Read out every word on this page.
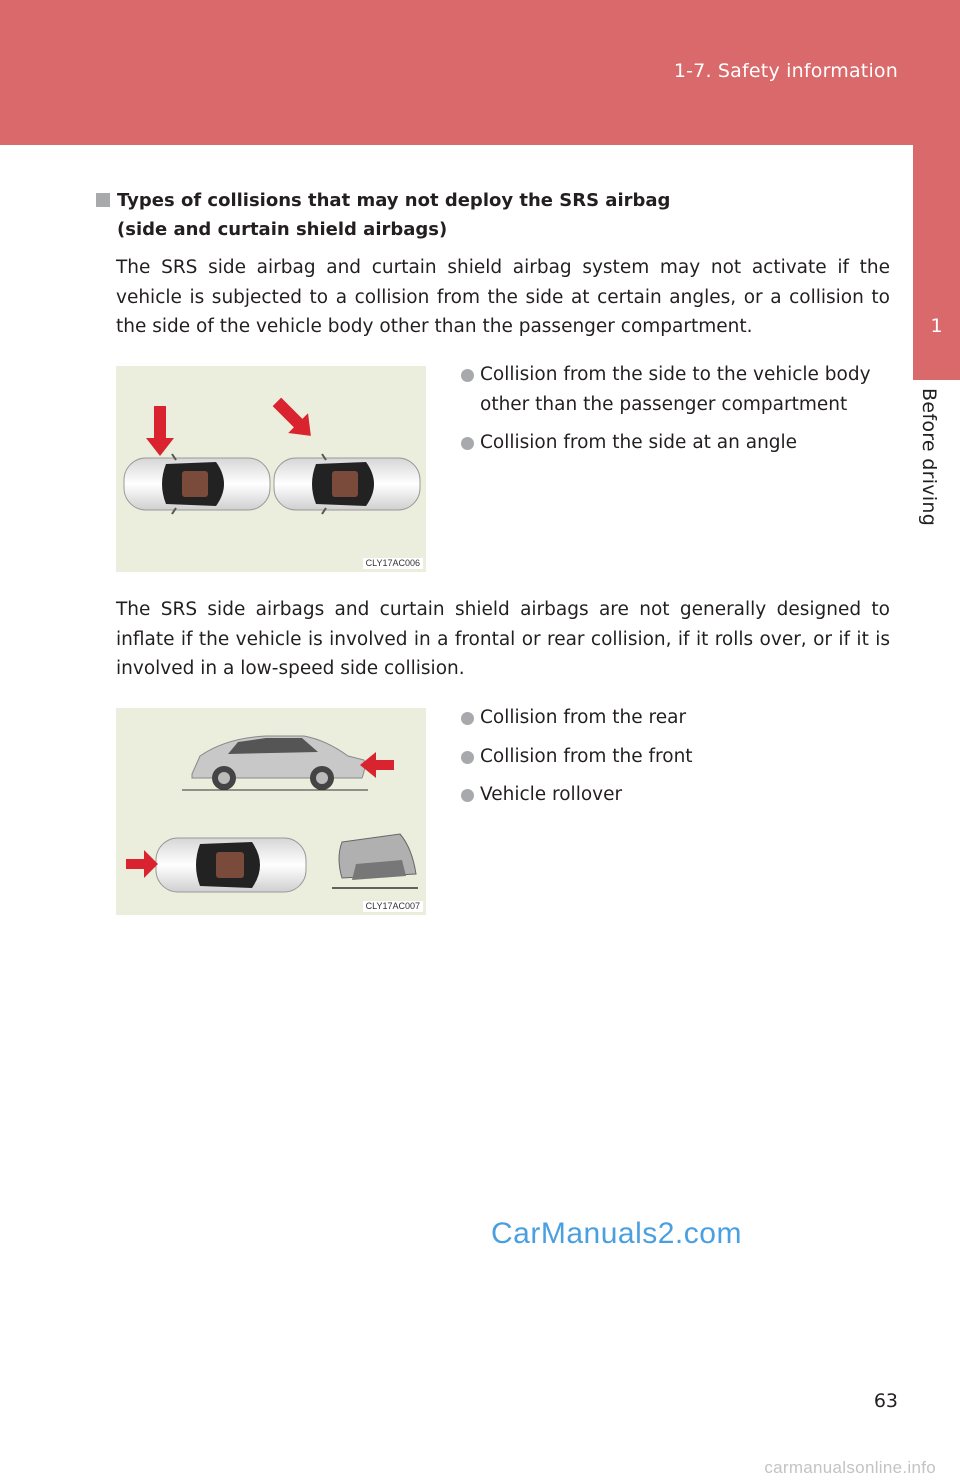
1-7. Safety information
1
Before driving
Types of collisions that may not deploy the SRS airbag
(side and curtain shield airbags)
The SRS side airbag and curtain shield airbag system may not activate if the vehicle is subjected to a collision from the side at certain angles, or a collision to the side of the vehicle body other than the passenger compartment.
CLY17AC006
Collision from the side to the vehicle body other than the passenger compartment
Collision from the side at an angle
The SRS side airbags and curtain shield airbags are not generally designed to inflate if the vehicle is involved in a frontal or rear collision, if it rolls over, or if it is involved in a low-speed side collision.
CLY17AC007
Collision from the rear
Collision from the front
Vehicle rollover
CarManuals2.com
63
carmanualsonline.info
